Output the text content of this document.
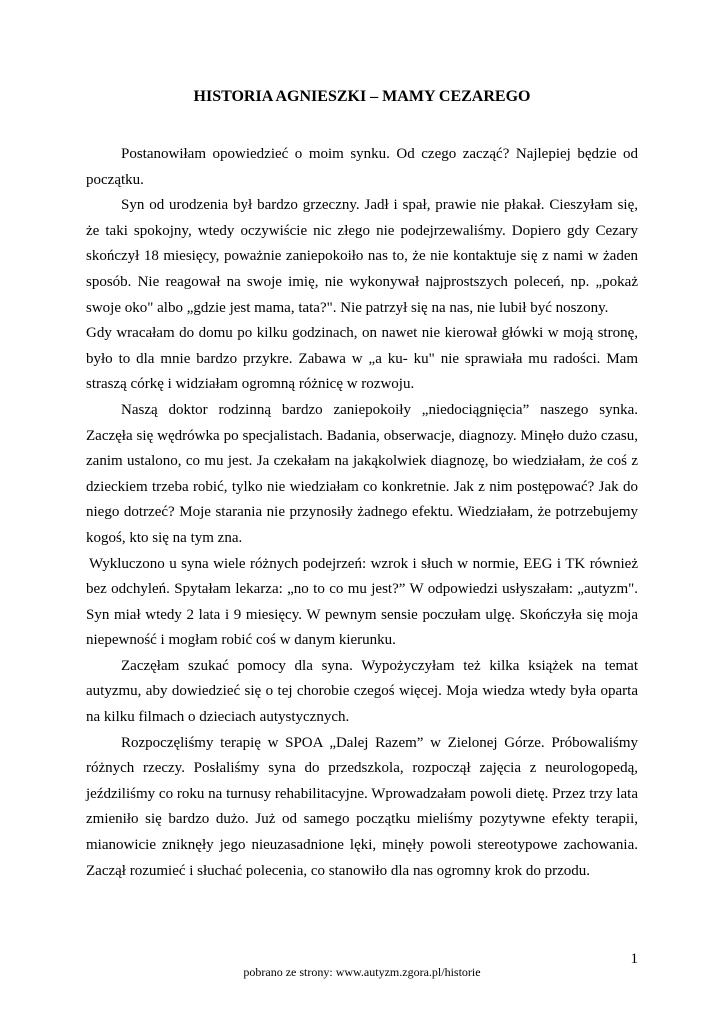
HISTORIA AGNIESZKI – MAMY CEZAREGO

Postanowiłam opowiedzieć o moim synku. Od czego zacząć? Najlepiej będzie od początku.

Syn od urodzenia był bardzo grzeczny. Jadł i spał, prawie nie płakał. Cieszyłam się, że taki spokojny, wtedy oczywiście nic złego nie podejrzewaliśmy. Dopiero gdy Cezary skończył 18 miesięcy, poważnie zaniepokoiło nas to, że nie kontaktuje się z nami w żaden sposób. Nie reagował na swoje imię, nie wykonywał najprostszych poleceń, np. „pokaż swoje oko" albo „gdzie jest mama, tata?". Nie patrzył się na nas, nie lubił być noszony.

Gdy wracałam do domu po kilku godzinach, on nawet nie kierował główki w moją stronę, było to dla mnie bardzo przykre. Zabawa w „a ku- ku" nie sprawiała mu radości. Mam straszą córkę i widziałam ogromną różnicę w rozwoju.

Naszą doktor rodzinną bardzo zaniepokoiły „niedociągnięcia” naszego synka. Zaczęła się wędrówka po specjalistach. Badania, obserwacje, diagnozy. Minęło dużo czasu, zanim ustalono, co mu jest. Ja czekałam na jakąkolwiek diagnozę, bo wiedziałam, że coś z dzieckiem trzeba robić, tylko nie wiedziałam co konkretnie. Jak z nim postępować? Jak do niego dotrzeć? Moje starania nie przynosiły żadnego efektu. Wiedziałam, że potrzebujemy kogoś, kto się na tym zna.

Wykluczono u syna wiele różnych podejrzeń: wzrok i słuch w normie, EEG i TK również bez odchyleń. Spytałam lekarza: „no to co mu jest?” W odpowiedzi usłyszałam: „autyzm". Syn miał wtedy 2 lata i 9 miesięcy. W pewnym sensie poczułam ulgę. Skończyła się moja niepewność i mogłam robić coś w danym kierunku.

Zaczęłam szukać pomocy dla syna. Wypożyczyłam też kilka książek na temat autyzmu, aby dowiedzieć się o tej chorobie czegoś więcej. Moja wiedza wtedy była oparta na kilku filmach o dzieciach autystycznych.

Rozpoczęliśmy terapię w SPOA „Dalej Razem” w Zielonej Górze. Próbowaliśmy różnych rzeczy. Posłaliśmy syna do przedszkola, rozpoczął zajęcia z neurologopedą, jeździliśmy co roku na turnusy rehabilitacyjne. Wprowadzałam powoli dietę. Przez trzy lata zmieniło się bardzo dużo. Już od samego początku mieliśmy pozytywne efekty terapii, mianowicie zniknęły jego nieuzasadnione lęki, minęły powoli stereotypowe zachowania. Zaczął rozumieć i słuchać polecenia, co stanowiło dla nas ogromny krok do przodu.

1
pobrano ze strony: www.autyzm.zgora.pl/historie
